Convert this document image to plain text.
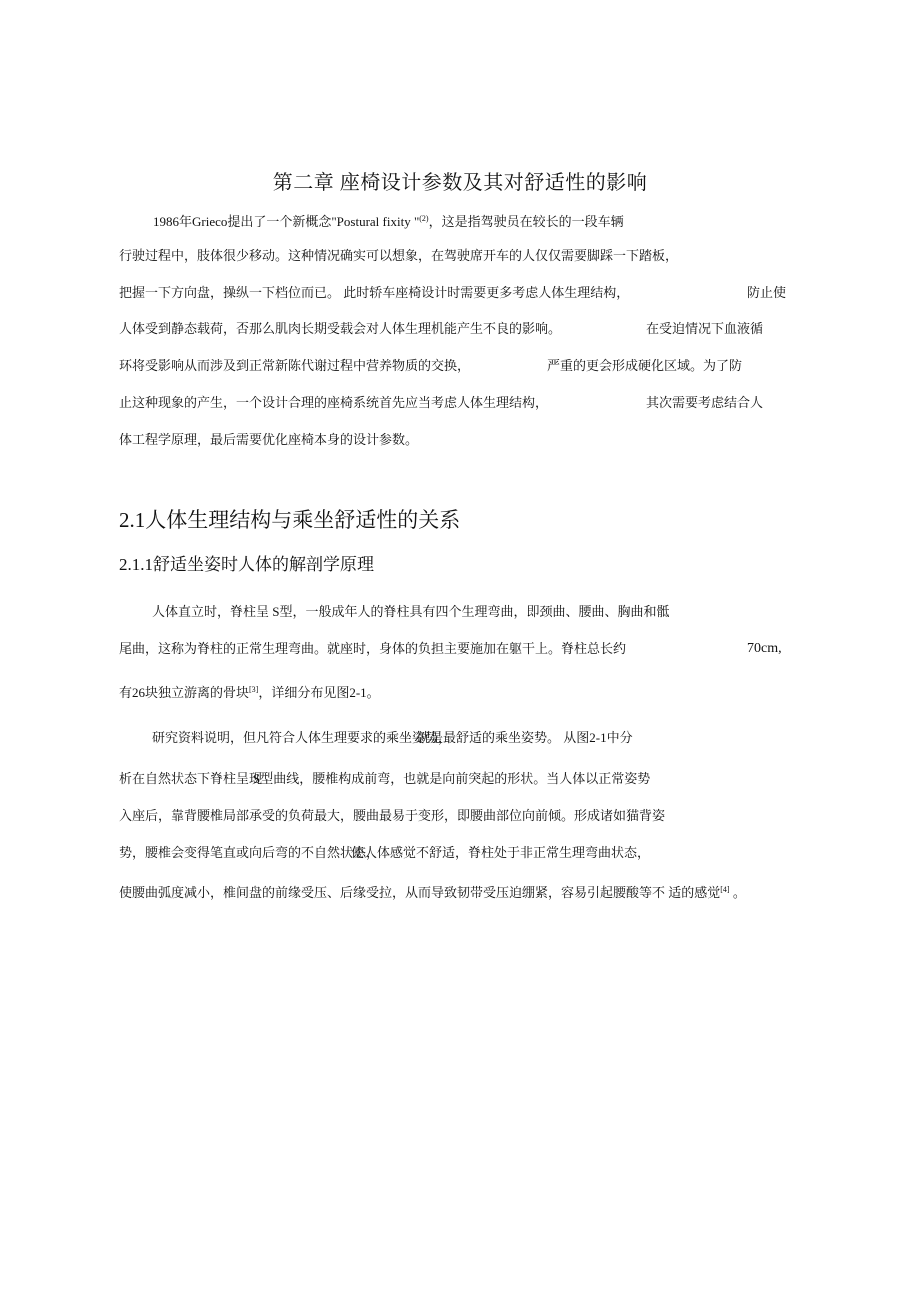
第二章 座椅设计参数及其对舒适性的影响
1986年Grieco提出了一个新概念"Postural fixity "$^{(2)}$，这是指驾驶员在较长的一段车辆
行驶过程中，肢体很少移动。这种情况确实可以想象，在驾驶席开车的人仅仅需要脚踩一下踏板，
把握一下方向盘，操纵一下档位而已。 此时轿车座椅设计时需要更多考虑人体生理结构，	防止使
人体受到静态载荷，否那么肌肉长期受载会对人体生理机能产生不良的影响。	在受迫情况下血液循
环将受影响从而涉及到正常新陈代谢过程中营养物质的交换，	严重的更会形成硬化区域。为了防
止这种现象的产生，一个设计合理的座椅系统首先应当考虑人体生理结构，	其次需要考虑结合人
体工程学原理，最后需要优化座椅本身的设计参数。
2.1人体生理结构与乘坐舒适性的关系
2.1.1舒适坐姿时人体的解剖学原理
人体直立时，脊柱呈 S型，一般成年人的脊柱具有四个生理弯曲，即颈曲、腰曲、胸曲和骶
尾曲，这称为脊柱的正常生理弯曲。就座时，身体的负担主要施加在躯干上。脊柱总长约	70cm,
有26块独立游离的骨块[3]，详细分布见图2-1。
研究资料说明，但凡符合人体生理要求的乘坐姿势，
就是最舒适的乘坐姿势。 从图2-1中分
析在自然状态下脊柱呈现
S型曲线，腰椎构成前弯，也就是向前突起的形状。当人体以正常姿势
入座后，靠背腰椎局部承受的负荷最大，腰曲最易于变形，即腰曲部位向前倾。形成诸如猫背姿
势，腰椎会变得笔直或向后弯的不自然状态，
使人体感觉不舒适，脊柱处于非正常生理弯曲状态，
使腰曲弧度减小，椎间盘的前缘受压、后缘受拉，从而导致韧带受压迫绷紧，容易引起腰酸等不 适的感觉[4] 。
